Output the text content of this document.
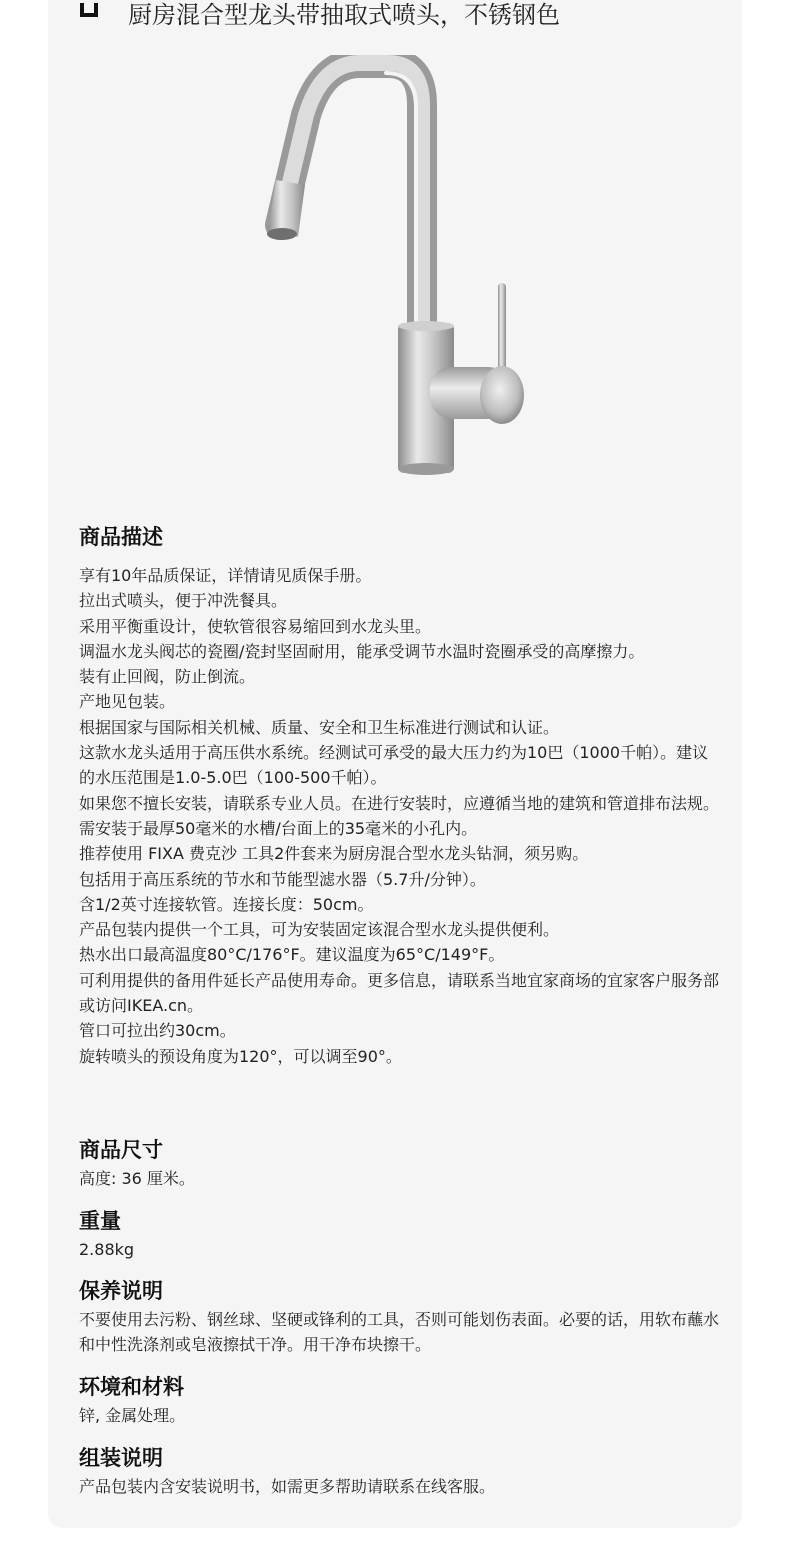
厨房混合型龙头带抽取式喷头，不锈钢色
商品描述

享有10年品质保证，详情请见质保手册。

拉出式喷头，便于冲洗餐具。

采用平衡重设计，使软管很容易缩回到水龙头里。

调温水龙头阀芯的瓷圈/瓷封坚固耐用，能承受调节水温时瓷圈承受的高摩擦力。

装有止回阀，防止倒流。

产地见包装。

根据国家与国际相关机械、质量、安全和卫生标准进行测试和认证。

这款水龙头适用于高压供水系统。经测试可承受的最大压力约为10巴（1000千帕）。建议的水压范围是1.0-5.0巴（100-500千帕）。

如果您不擅长安装，请联系专业人员。在进行安装时，应遵循当地的建筑和管道排布法规。

需安装于最厚50毫米的水槽/台面上的35毫米的小孔内。

推荐使用 FIXA 费克沙 工具2件套来为厨房混合型水龙头钻洞，须另购。

包括用于高压系统的节水和节能型滤水器（5.7升/分钟）。

含1/2英寸连接软管。连接长度：50cm。

产品包装内提供一个工具，可为安装固定该混合型水龙头提供便利。

热水出口最高温度80°C/176°F。建议温度为65°C/149°F。

可利用提供的备用件延长产品使用寿命。更多信息，请联系当地宜家商场的宜家客户服务部或访问IKEA.cn。

管口可拉出约30cm。

旋转喷头的预设角度为120°，可以调至90°。

商品尺寸

高度: 36 厘米。

重量

2.88kg

保养说明

不要使用去污粉、钢丝球、坚硬或锋利的工具，否则可能划伤表面。必要的话，用软布蘸水和中性洗涤剂或皂液擦拭干净。用干净布块擦干。

环境和材料

锌, 金属处理。

组装说明

产品包装内含安装说明书，如需更多帮助请联系在线客服。
